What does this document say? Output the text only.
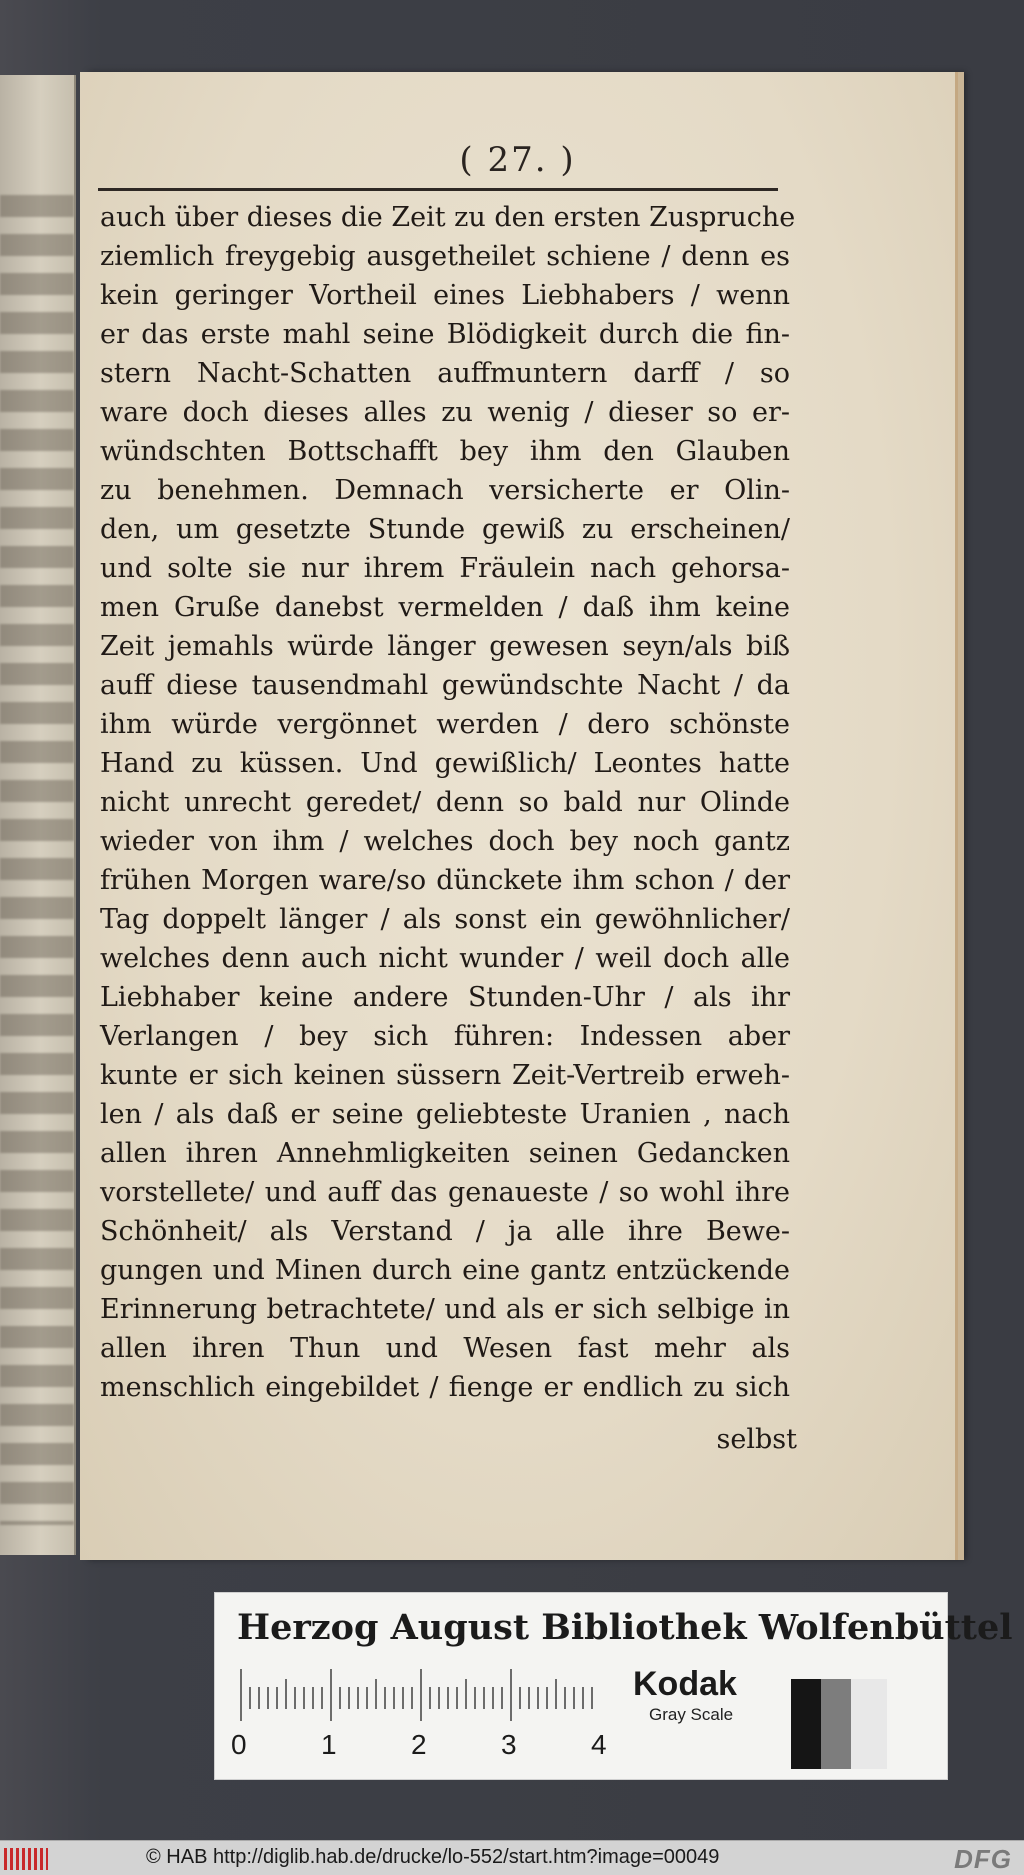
( 27. )
auch über dieses die Zeit zu den ersten Zuspruche
ziemlich freygebig ausgetheilet schiene / denn es
kein geringer Vortheil eines Liebhabers / wenn
er das erste mahl seine Blödigkeit durch die fin-
stern Nacht-Schatten auffmuntern darff / so
ware doch dieses alles zu wenig / dieser so er-
wündschten Bottschafft bey ihm den Glauben
zu benehmen. Demnach versicherte er Olin-
den, um gesetzte Stunde gewiß zu erscheinen/
und solte sie nur ihrem Fräulein nach gehorsa-
men Gruße danebst vermelden / daß ihm keine
Zeit jemahls würde länger gewesen seyn/als biß
auff diese tausendmahl gewündschte Nacht / da
ihm würde vergönnet werden / dero schönste
Hand zu küssen. Und gewißlich/ Leontes hatte
nicht unrecht geredet/ denn so bald nur Olinde
wieder von ihm / welches doch bey noch gantz
frühen Morgen ware/so dünckete ihm schon / der
Tag doppelt länger / als sonst ein gewöhnlicher/
welches denn auch nicht wunder / weil doch alle
Liebhaber keine andere Stunden-Uhr / als ihr
Verlangen / bey sich führen: Indessen aber
kunte er sich keinen süssern Zeit-Vertreib erweh-
len / als daß er seine geliebteste Uranien , nach
allen ihren Annehmligkeiten seinen Gedancken
vorstellete/ und auff das genaueste / so wohl ihre
Schönheit/ als Verstand / ja alle ihre Bewe-
gungen und Minen durch eine gantz entzückende
Erinnerung betrachtete/ und als er sich selbige in
allen ihren Thun und Wesen fast mehr als
menschlich eingebildet / fienge er endlich zu sich
selbst
Herzog August Bibliothek Wolfenbüttel
0	1	2	3	4
Kodak
Gray Scale
© HAB http://diglib.hab.de/drucke/lo-552/start.htm?image=00049	DFG
